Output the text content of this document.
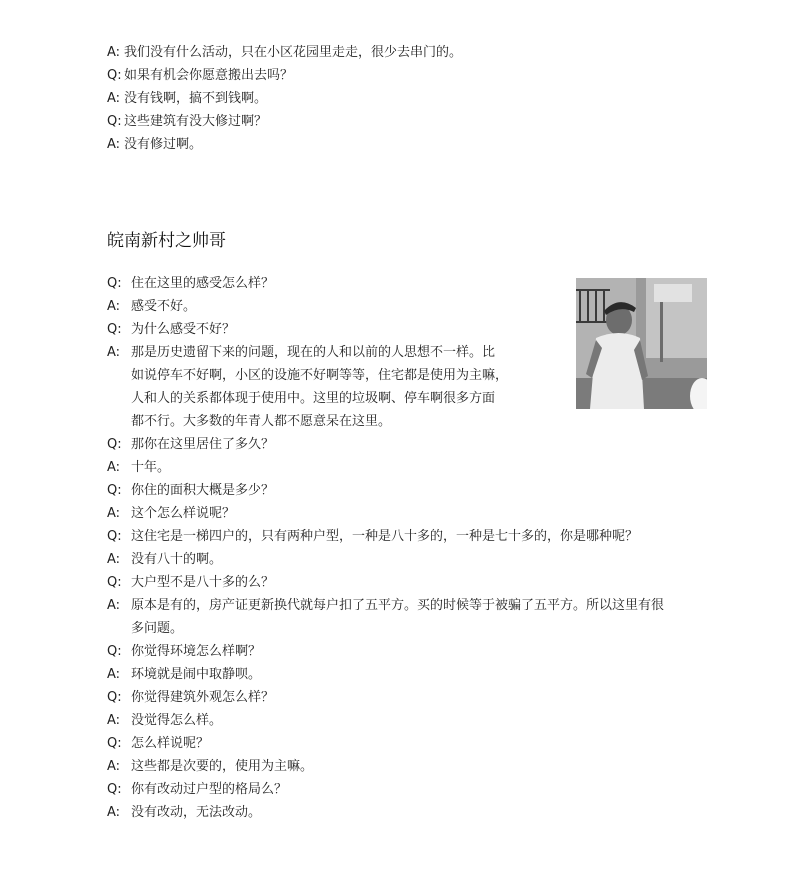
A: 我们没有什么活动，只在小区花园里走走，很少去串门的。
Q: 如果有机会你愿意搬出去吗？
A: 没有钱啊，搞不到钱啊。
Q: 这些建筑有没大修过啊？
A: 没有修过啊。
皖南新村之帅哥
Q: 住在这里的感受怎么样？
A: 感受不好。
Q: 为什么感受不好？
A: 那是历史遗留下来的问题，现在的人和以前的人思想不一样。比
如说停车不好啊，小区的设施不好啊等等，住宅都是使用为主嘛，
人和人的关系都体现于使用中。这里的垃圾啊、停车啊很多方面
都不行。大多数的年青人都不愿意呆在这里。
Q: 那你在这里居住了多久？
A: 十年。
Q: 你住的面积大概是多少？
A: 这个怎么样说呢？
Q: 这住宅是一梯四户的，只有两种户型，一种是八十多的，一种是七十多的，你是哪种呢？
A: 没有八十的啊。
Q: 大户型不是八十多的么？
A: 原本是有的，房产证更新换代就每户扣了五平方。买的时候等于被骗了五平方。所以这里有很
多问题。
Q: 你觉得环境怎么样啊？
A: 环境就是闹中取静呗。
Q: 你觉得建筑外观怎么样？
A: 没觉得怎么样。
Q: 怎么样说呢？
A: 这些都是次要的，使用为主嘛。
Q: 你有改动过户型的格局么？
A: 没有改动，无法改动。
